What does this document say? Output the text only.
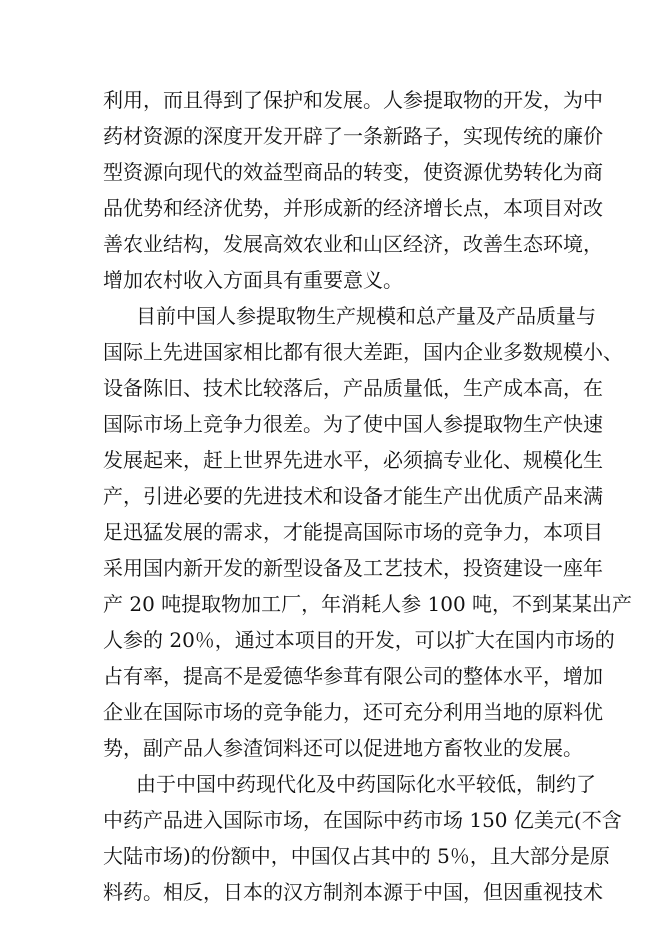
利用，而且得到了保护和发展。人参提取物的开发，为中
药材资源的深度开发开辟了一条新路子，实现传统的廉价
型资源向现代的效益型商品的转变，使资源优势转化为商
品优势和经济优势，并形成新的经济增长点，本项目对改
善农业结构，发展高效农业和山区经济，改善生态环境，
增加农村收入方面具有重要意义。
目前中国人参提取物生产规模和总产量及产品质量与
国际上先进国家相比都有很大差距，国内企业多数规模小、
设备陈旧、技术比较落后，产品质量低，生产成本高，在
国际市场上竞争力很差。为了使中国人参提取物生产快速
发展起来，赶上世界先进水平，必须搞专业化、规模化生
产，引进必要的先进技术和设备才能生产出优质产品来满
足迅猛发展的需求，才能提高国际市场的竞争力，本项目
采用国内新开发的新型设备及工艺技术，投资建设一座年
产 20 吨提取物加工厂，年消耗人参 100 吨，不到某某出产
人参的 20％，通过本项目的开发，可以扩大在国内市场的
占有率，提高不是爱德华参茸有限公司的整体水平，增加
企业在国际市场的竞争能力，还可充分利用当地的原料优
势，副产品人参渣饲料还可以促进地方畜牧业的发展。
由于中国中药现代化及中药国际化水平较低，制约了
中药产品进入国际市场，在国际中药市场 150 亿美元(不含
大陆市场)的份额中，中国仅占其中的 5％，且大部分是原
料药。相反，日本的汉方制剂本源于中国，但因重视技术
